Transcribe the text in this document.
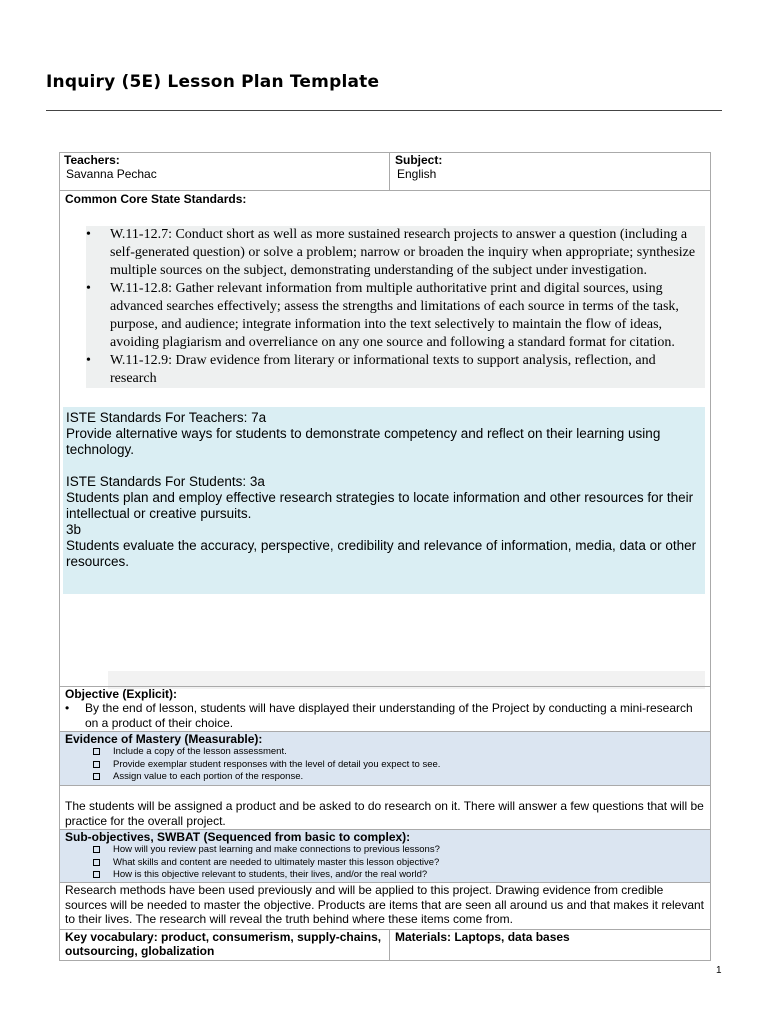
Inquiry (5E) Lesson Plan Template
Teachers:
Savanna Pechac
Subject:
English
Common Core State Standards:
• W.11-12.7: Conduct short as well as more sustained research projects to answer a question (including a self-generated question) or solve a problem; narrow or broaden the inquiry when appropriate; synthesize multiple sources on the subject, demonstrating understanding of the subject under investigation.
• W.11-12.8: Gather relevant information from multiple authoritative print and digital sources, using advanced searches effectively; assess the strengths and limitations of each source in terms of the task, purpose, and audience; integrate information into the text selectively to maintain the flow of ideas, avoiding plagiarism and overreliance on any one source and following a standard format for citation.
• W.11-12.9: Draw evidence from literary or informational texts to support analysis, reflection, and research
ISTE Standards For Teachers: 7a
Provide alternative ways for students to demonstrate competency and reflect on their learning using technology.
ISTE Standards For Students: 3a
Students plan and employ effective research strategies to locate information and other resources for their intellectual or creative pursuits.
3b
Students evaluate the accuracy, perspective, credibility and relevance of information, media, data or other resources.
Objective (Explicit):
• By the end of lesson, students will have displayed their understanding of the Project by conducting a mini-research on a product of their choice.
Evidence of Mastery (Measurable):
Include a copy of the lesson assessment.
Provide exemplar student responses with the level of detail you expect to see.
Assign value to each portion of the response.
The students will be assigned a product and be asked to do research on it. There will answer a few questions that will be practice for the overall project.
Sub-objectives, SWBAT (Sequenced from basic to complex):
How will you review past learning and make connections to previous lessons?
What skills and content are needed to ultimately master this lesson objective?
How is this objective relevant to students, their lives, and/or the real world?
Research methods have been used previously and will be applied to this project. Drawing evidence from credible sources will be needed to master the objective. Products are items that are seen all around us and that makes it relevant to their lives. The research will reveal the truth behind where these items come from.
Key vocabulary: product, consumerism, supply-chains, outsourcing, globalization
Materials: Laptops, data bases
1
